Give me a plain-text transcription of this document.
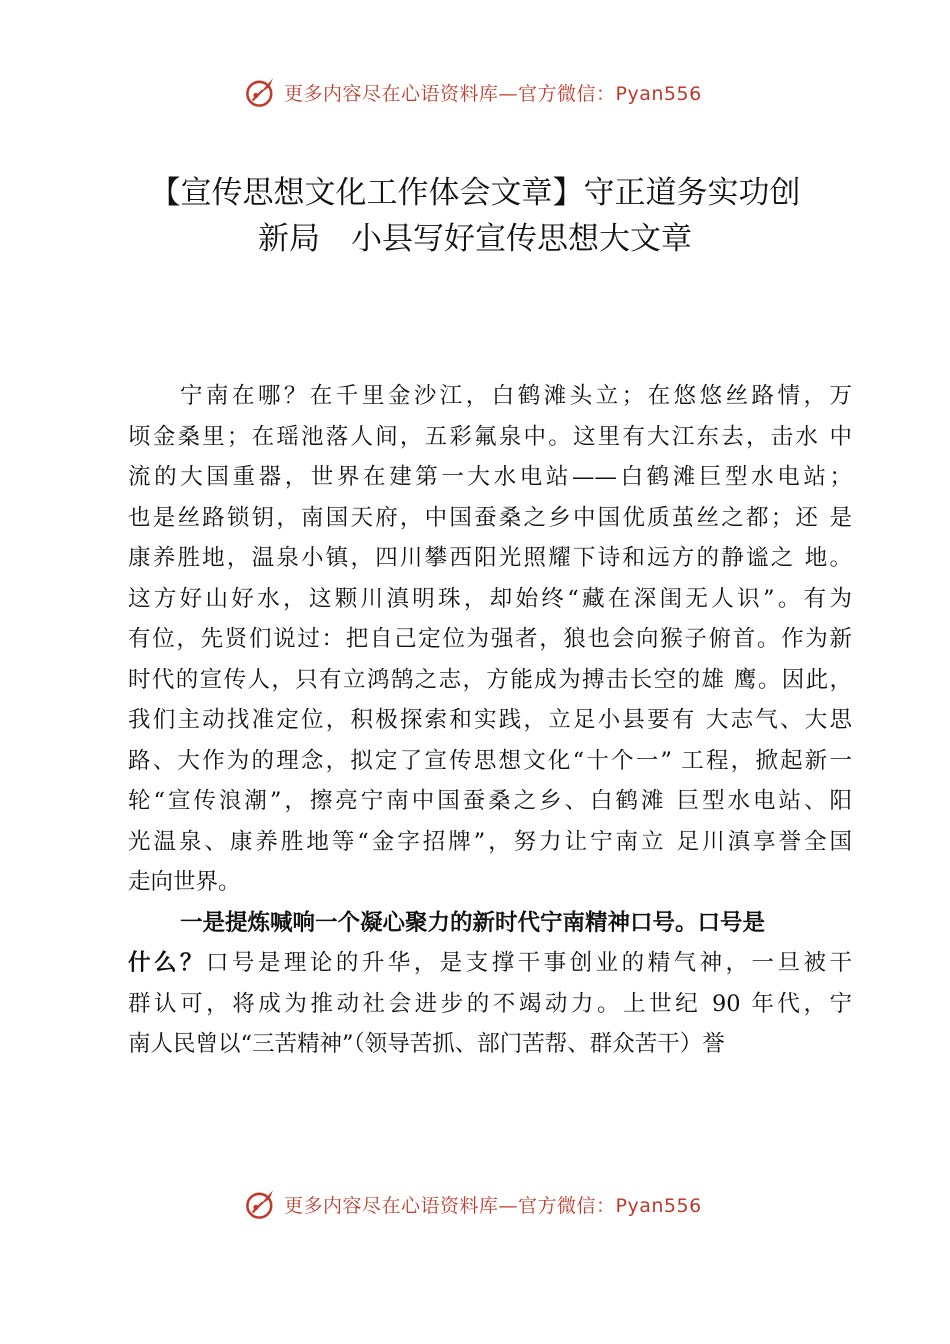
更多内容尽在心语资料库—官方微信：Pyan556
【宣传思想文化工作体会文章】守正道务实功创
新局　小县写好宣传思想大文章
宁南在哪？在千里金沙江，白鹤滩头立；在悠悠丝路情，万
顷金桑里；在瑶池落人间，五彩氟泉中。这里有大江东去，击水 中
流的大国重器，世界在建第一大水电站——白鹤滩巨型水电站；
也是丝路锁钥，南国天府，中国蚕桑之乡中国优质茧丝之都；还 是
康养胜地，温泉小镇，四川攀西阳光照耀下诗和远方的静谧之 地。
这方好山好水，这颗川滇明珠，却始终“藏在深闺无人识”。有为
有位，先贤们说过：把自己定位为强者，狼也会向猴子俯首。作为新
时代的宣传人，只有立鸿鹄之志，方能成为搏击长空的雄 鹰。因此，
我们主动找准定位，积极探索和实践，立足小县要有 大志气、大思
路、大作为的理念，拟定了宣传思想文化“十个一” 工程，掀起新一
轮“宣传浪潮”，擦亮宁南中国蚕桑之乡、白鹤滩 巨型水电站、阳
光温泉、康养胜地等“金字招牌”，努力让宁南立 足川滇享誉全国
走向世界。
一是提炼喊响一个凝心聚力的新时代宁南精神口号。口号是
什么？口号是理论的升华，是支撑干事创业的精气神，一旦被干
群认可，将成为推动社会进步的不竭动力。上世纪 90 年代，宁
南人民曾以“三苦精神”（领导苦抓、部门苦帮、群众苦干）誉
更多内容尽在心语资料库—官方微信：Pyan556
